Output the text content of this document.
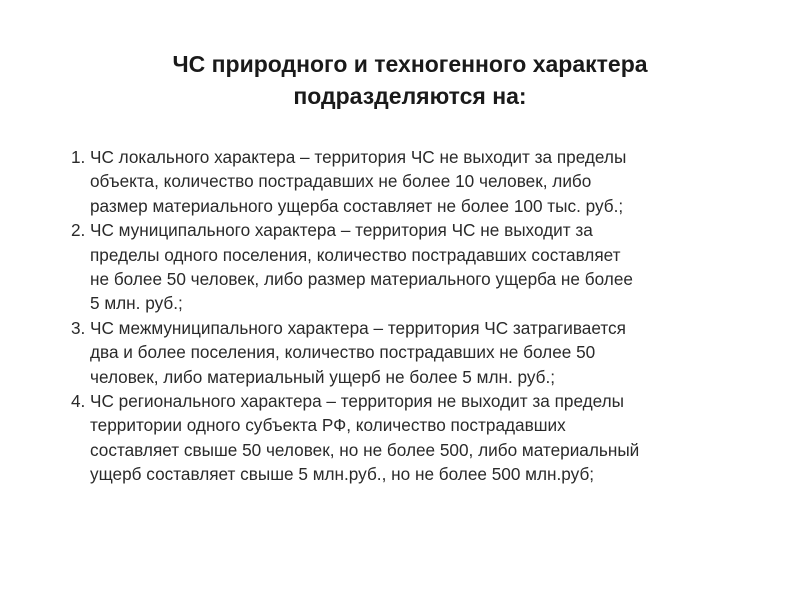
ЧС природного и техногенного характера
подразделяются на:
1. ЧС локального характера – территория ЧС не выходит за пределы
объекта, количество пострадавших не более 10 человек, либо
размер материального ущерба составляет не более 100 тыс. руб.;
2. ЧС муниципального характера – территория ЧС не выходит за
пределы одного поселения, количество пострадавших составляет
не более 50 человек, либо размер материального ущерба не более
5 млн. руб.;
3. ЧС межмуниципального характера – территория ЧС затрагивается
два и более поселения, количество пострадавших не более 50
человек, либо материальный ущерб не более 5 млн. руб.;
4. ЧС регионального характера – территория не выходит за пределы
территории одного субъекта РФ, количество пострадавших
составляет свыше 50 человек, но не более 500, либо материальный
ущерб составляет свыше 5 млн.руб., но не более 500 млн.руб;
